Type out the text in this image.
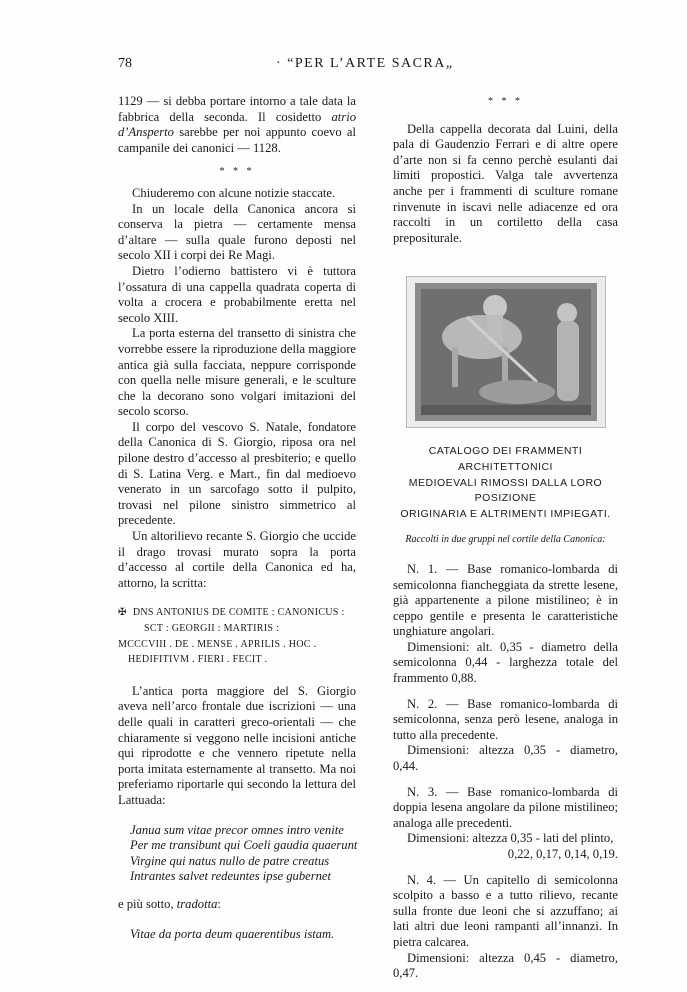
78	· “PER L’ARTE SACRA„

1129 — si debba portare intorno a tale data la fabbrica della seconda. Il cosidetto atrio d’Ansperto sarebbe per noi appunto coevo al campanile dei canonici — 1128.

* * *

Chiuderemo con alcune notizie staccate.

In un locale della Canonica ancora si conserva la pietra — certamente mensa d’altare — sulla quale furono deposti nel secolo XII i corpi dei Re Magi.

Dietro l’odierno battistero vi è tuttora l’ossatura di una cappella quadrata coperta di volta a crocera e probabilmente eretta nel secolo XIII.

La porta esterna del transetto di sinistra che vorrebbe essere la riproduzione della maggiore antica già sulla facciata, neppure corrisponde con quella nelle misure generali, e le sculture che la decorano sono volgari imitazioni del secolo scorso.

Il corpo del vescovo S. Natale, fondatore della Canonica di S. Giorgio, riposa ora nel pilone destro d’accesso al presbiterio; e quello di S. Latina Verg. e Mart., fin dal medioevo venerato in un sarcofago sotto il pulpito, trovasi nel pilone sinistro simmetrico al precedente.

Un altorilievo recante S. Giorgio che uccide il drago trovasi murato sopra la porta d’accesso al cortile della Canonica ed ha, attorno, la scritta:

✠ DNS ANTONIUS DE COMITE : CANONICUS :
SCT : GEORGII : MARTIRIS :
MCCCVIII . DE . MENSE . APRILIS . HOC .
HEDIFITIVM . FIERI . FECIT .

L’antica porta maggiore del S. Giorgio aveva nell’arco frontale due iscrizioni — una delle quali in caratteri greco-orientali — che chiaramente si veggono nelle incisioni antiche qui riprodotte e che vennero ripetute nella porta imitata esternamente al transetto. Ma noi preferiamo riportarle qui secondo la lettura del Lattuada:

Janua sum vitae precor omnes intro venite
Per me transibunt qui Coeli gaudia quaerunt
Virgine qui natus nullo de patre creatus
Intrantes salvet redeuntes ipse gubernet
e più sotto, tradotta:
Vitae da porta deum quaerentibus istam.
* * *

Della cappella decorata dal Luini, della pala di Gaudenzio Ferrari e di altre opere d’arte non si fa cenno perchè esulanti dai limiti propostici. Valga tale avvertenza anche per i frammenti di sculture romane rinvenute in iscavi nelle adiacenze ed ora raccolti in un cortiletto della casa prepositurale.

CATALOGO DEI FRAMMENTI ARCHITETTONICI
MEDIOEVALI RIMOSSI DALLA LORO POSIZIONE
ORIGINARIA E ALTRIMENTI IMPIEGATI.
Raccolti in due gruppi nel cortile della Canonica:

N. 1. — Base romanico-lombarda di semicolonna fiancheggiata da strette lesene, già appartenente a pilone mistilineo; è in ceppo gentile e presenta le caratteristiche unghiature angolari.

Dimensioni: alt. 0,35 - diametro della semicolonna 0,44 - larghezza totale del frammento 0,88.

N. 2. — Base romanico-lombarda di semicolonna, senza però lesene, analoga in tutto alla precedente.

Dimensioni: altezza 0,35 - diametro, 0,44.

N. 3. — Base romanico-lombarda di doppia lesena angolare da pilone mistilineo; analoga alle precedenti.

Dimensioni: altezza 0,35 - lati del plinto,

0,22, 0,17, 0,14, 0,19.

N. 4. — Un capitello di semicolonna scolpito a basso e a tutto rilievo, recante sulla fronte due leoni che si azzuffano; ai lati altri due leoni rampanti all’innanzi. In pietra calcarea.

Dimensioni: altezza 0,45 - diametro, 0,47.
